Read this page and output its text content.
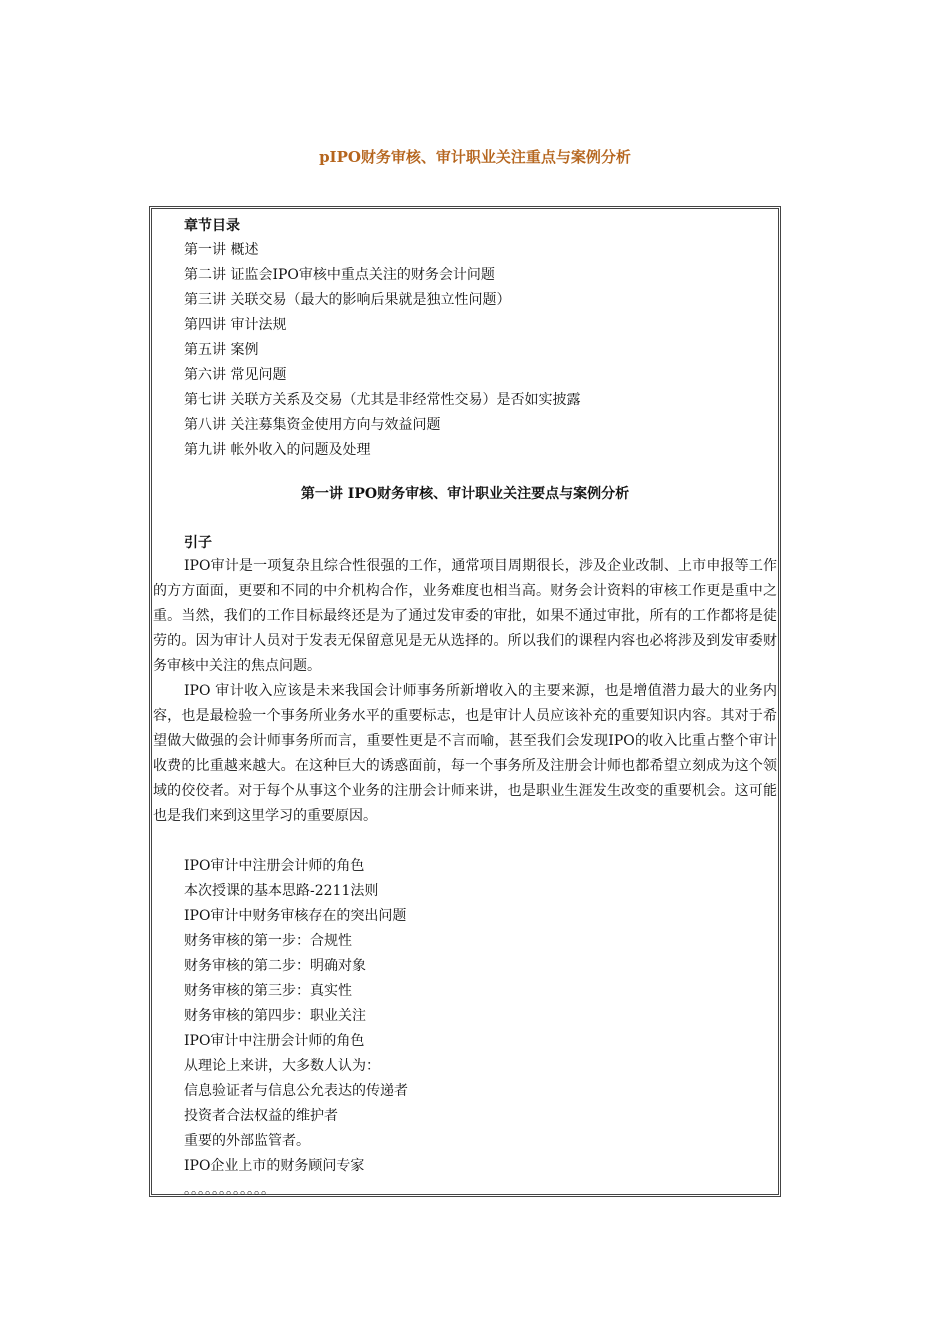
pIPO财务审核、审计职业关注重点与案例分析
章节目录
第一讲 概述
第二讲 证监会IPO审核中重点关注的财务会计问题
第三讲 关联交易（最大的影响后果就是独立性问题）
第四讲 审计法规
第五讲 案例
第六讲 常见问题
第七讲 关联方关系及交易（尤其是非经常性交易）是否如实披露
第八讲 关注募集资金使用方向与效益问题
第九讲 帐外收入的问题及处理
第一讲 IPO财务审核、审计职业关注要点与案例分析
引子

IPO审计是一项复杂且综合性很强的工作，通常项目周期很长，涉及企业改制、上市申报等工作的方方面面，更要和不同的中介机构合作，业务难度也相当高。财务会计资料的审核工作更是重中之重。当然，我们的工作目标最终还是为了通过发审委的审批，如果不通过审批，所有的工作都将是徒劳的。因为审计人员对于发表无保留意见是无从选择的。所以我们的课程内容也必将涉及到发审委财务审核中关注的焦点问题。

IPO 审计收入应该是未来我国会计师事务所新增收入的主要来源，也是增值潜力最大的业务内容，也是最检验一个事务所业务水平的重要标志，也是审计人员应该补充的重要知识内容。其对于希望做大做强的会计师事务所而言，重要性更是不言而喻，甚至我们会发现IPO的收入比重占整个审计收费的比重越来越大。在这种巨大的诱惑面前，每一个事务所及注册会计师也都希望立刻成为这个领域的佼佼者。对于每个从事这个业务的注册会计师来讲，也是职业生涯发生改变的重要机会。这可能也是我们来到这里学习的重要原因。

IPO审计中注册会计师的角色
本次授课的基本思路-2211法则
IPO审计中财务审核存在的突出问题
财务审核的第一步：合规性
财务审核的第二步：明确对象
财务审核的第三步：真实性
财务审核的第四步：职业关注
IPO审计中注册会计师的角色
从理论上来讲，大多数人认为：
信息验证者与信息公允表达的传递者
投资者合法权益的维护者
重要的外部监管者。
IPO企业上市的财务顾问专家
。。。。。。。。。。。。
